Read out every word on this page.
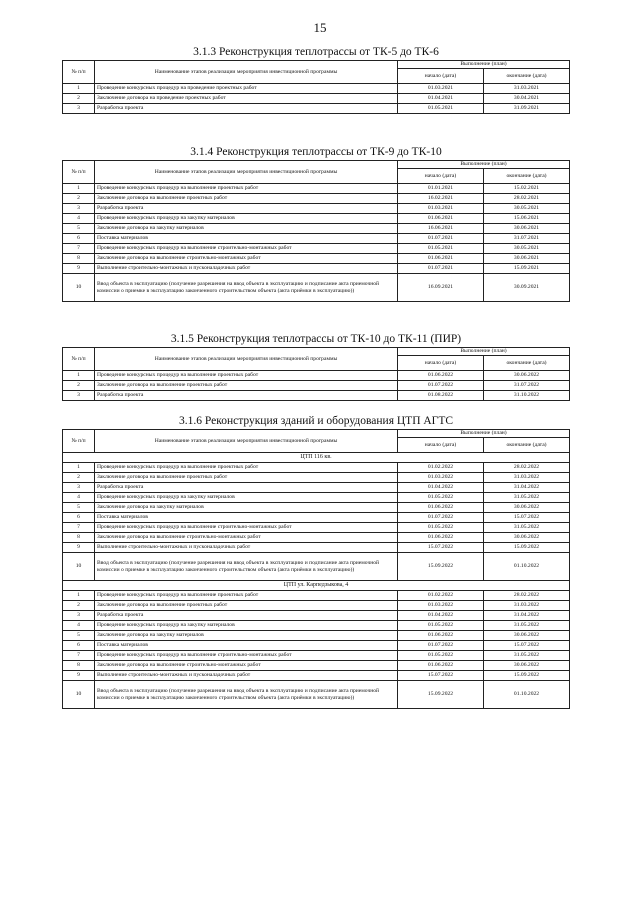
15
3.1.3 Реконструкция теплотрассы от ТК-5 до ТК-6
№ п/п	Наименование этапов реализации мероприятия инвестиционной программы	Выполнение (план)	
		начало (дата)	окончание (дата)
1	Проведение конкурсных процедур на проведение проектных работ	01.03.2021	31.03.2021
2	Заключение договора на проведение проектных работ	01.04.2021	30.04.2021
3	Разработка проекта	01.05.2021	31.09.2021
3.1.4 Реконструкция теплотрассы от ТК-9 до ТК-10
№ п/п	Наименование этапов реализации мероприятия инвестиционной программы	Выполнение (план)	
		начало (дата)	окончание (дата)
1	Проведение конкурсных процедур на выполнение проектных работ	01.01.2021	15.02.2021
2	Заключение договора на выполнение проектных работ	16.02.2021	28.02.2021
3	Разработка проекта	01.03.2021	30.05.2021
4	Проведение конкурсных процедур на закупку материалов	01.06.2021	15.06.2021
5	Заключение договора на закупку материалов	16.06.2021	30.06.2021
6	Поставка материалов	01.07.2021	31.07.2021
7	Проведение конкурсных процедур на выполнение строительно-монтажных работ	01.05.2021	30.05.2021
8	Заключение договора на выполнение строительно-монтажных работ	01.06.2021	30.06.2021
9	Выполнение строительно-монтажных и пусконаладочных работ	01.07.2021	15.09.2021
10	Ввод объекта в эксплуатацию (получение разрешения на ввод объекта в эксплуатацию и подписание акта приемочной комиссии о приемке в эксплуатацию законченного строительством объекта (акта приёмки в эксплуатацию))	16.09.2021	30.09.2021
3.1.5 Реконструкция теплотрассы от ТК-10 до ТК-11 (ПИР)
№ п/п	Наименование этапов реализации мероприятия инвестиционной программы	Выполнение (план)	
		начало (дата)	окончание (дата)
1	Проведение конкурсных процедур на выполнение проектных работ	01.06.2022	30.06.2022
2	Заключение договора на выполнение проектных работ	01.07.2022	31.07.2022
3	Разработка проекта	01.08.2022	31.10.2022
3.1.6 Реконструкция зданий и оборудования ЦТП АГТС
№ п/п	Наименование этапов реализации мероприятия инвестиционной программы	Выполнение (план)	
		начало (дата)	окончание (дата)
ЦТП 116 кв.			
1	Проведение конкурсных процедур на выполнение проектных работ	01.02.2022	28.02.2022
2	Заключение договора на выполнение проектных работ	01.03.2022	31.03.2022
3	Разработка проекта	01.04.2022	31.04.2022
4	Проведение конкурсных процедур на закупку материалов	01.05.2022	31.05.2022
5	Заключение договора на закупку материалов	01.06.2022	30.06.2022
6	Поставка материалов	01.07.2022	15.07.2022
7	Проведение конкурсных процедур на выполнение строительно-монтажных работ	01.05.2022	31.05.2022
8	Заключение договора на выполнение строительно-монтажных работ	01.06.2022	30.06.2022
9	Выполнение строительно-монтажных и пусконаладочных работ	15.07.2022	15.09.2022
10	Ввод объекта в эксплуатацию (получение разрешения на ввод объекта в эксплуатацию и подписание акта приемочной комиссии о приемке в эксплуатацию законченного строительством объекта (акта приёмки в эксплуатацию))	15.09.2022	01.10.2022
ЦТП ул. Карпедзыкова, 4			
1	Проведение конкурсных процедур на выполнение проектных работ	01.02.2022	28.02.2022
2	Заключение договора на выполнение проектных работ	01.03.2022	31.03.2022
3	Разработка проекта	01.04.2022	31.04.2022
4	Проведение конкурсных процедур на закупку материалов	01.05.2022	31.05.2022
5	Заключение договора на закупку материалов	01.06.2022	30.06.2022
6	Поставка материалов	01.07.2022	15.07.2022
7	Проведение конкурсных процедур на выполнение строительно-монтажных работ	01.05.2022	31.05.2022
8	Заключение договора на выполнение строительно-монтажных работ	01.06.2022	30.06.2022
9	Выполнение строительно-монтажных и пусконаладочных работ	15.07.2022	15.09.2022
10	Ввод объекта в эксплуатацию (получение разрешения на ввод объекта в эксплуатацию и подписание акта приемочной комиссии о приемке в эксплуатацию законченного строительством объекта (акта приёмки в эксплуатацию))	15.09.2022	01.10.2022
